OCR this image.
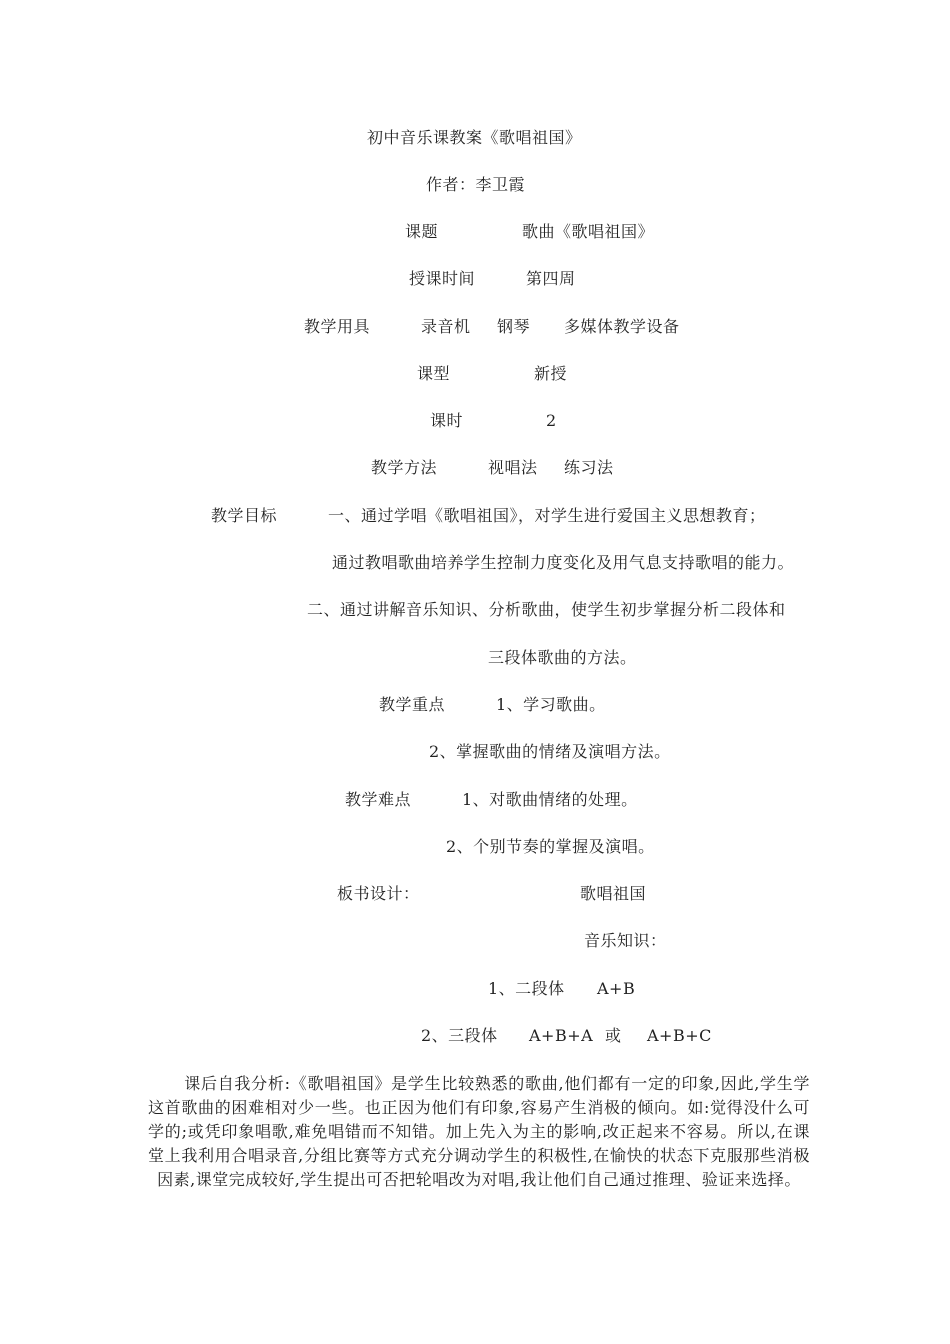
初中音乐课教案《歌唱祖国》
作者：李卫霞
课题	歌曲《歌唱祖国》
授课时间	第四周
教学用具	录音机 钢琴 多媒体教学设备
课型	新授
课时	2
教学方法	视唱法 练习法
教学目标	一、通过学唱《歌唱祖国》，对学生进行爱国主义思想教育；
通过教唱歌曲培养学生控制力度变化及用气息支持歌唱的能力。
二、通过讲解音乐知识、分析歌曲，使学生初步掌握分析二段体和
三段体歌曲的方法。
教学重点	1、学习歌曲。
2、掌握歌曲的情绪及演唱方法。
教学难点	1、对歌曲情绪的处理。
2、个别节奏的掌握及演唱。
板书设计：	歌唱祖国
音乐知识：
1、二段体 A+B
2、三段体 A+B+A 或 A+B+C
课后自我分析:《歌唱祖国》是学生比较熟悉的歌曲,他们都有一定的印象,因此,学生学这首歌曲的困难相对少一些。也正因为他们有印象,容易产生消极的倾向。如:觉得没什么可学的;或凭印象唱歌,难免唱错而不知错。加上先入为主的影响,改正起来不容易。所以,在课堂上我利用合唱录音,分组比赛等方式充分调动学生的积极性,在愉快的状态下克服那些消极因素,课堂完成较好,学生提出可否把轮唱改为对唱,我让他们自己通过推理、验证来选择。
